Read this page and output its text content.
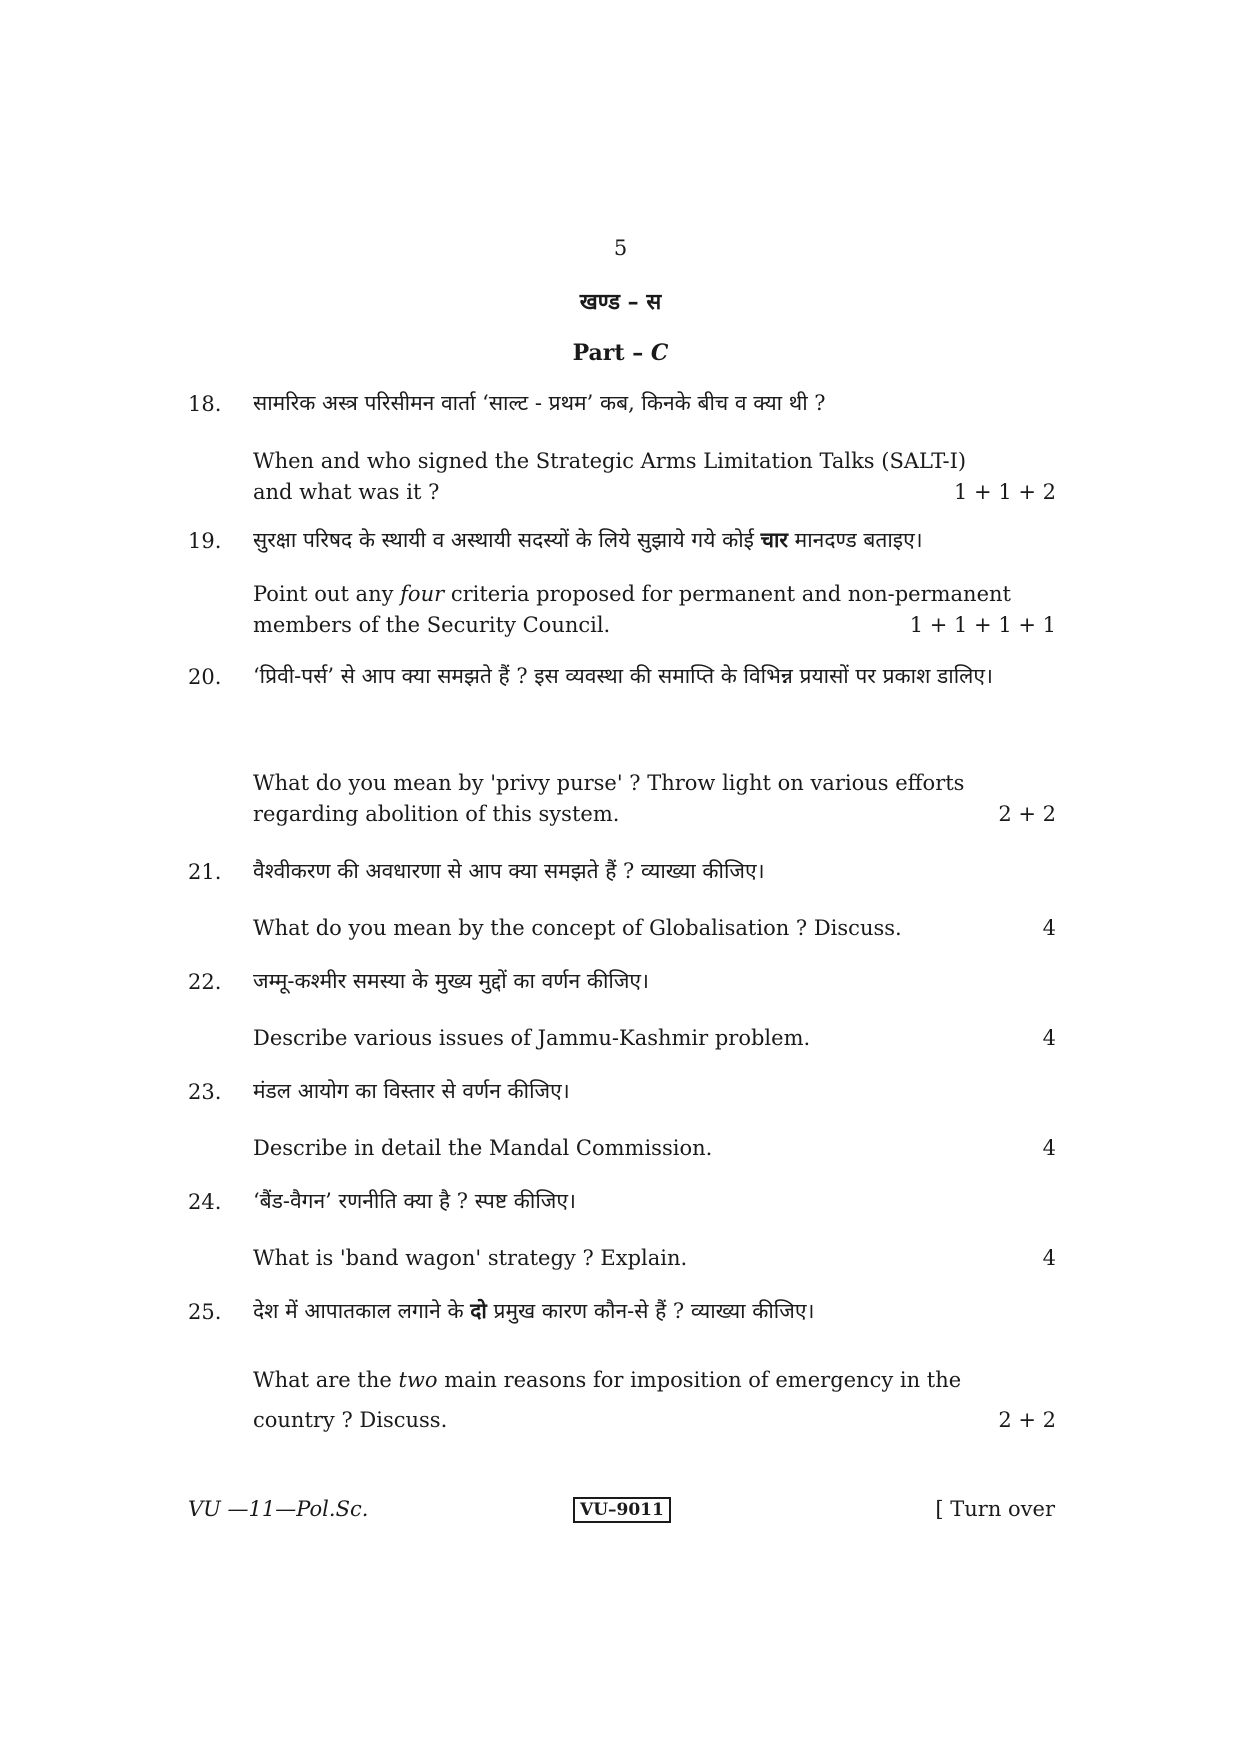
5
खण्ड – स
Part – C
18. सामरिक अस्त्र परिसीमन वार्ता ‘साल्ट - प्रथम’ कब, किनके बीच व क्या थी ?
When and who signed the Strategic Arms Limitation Talks (SALT-I)
and what was it ?	1 + 1 + 2
19. सुरक्षा परिषद के स्थायी व अस्थायी सदस्यों के लिये सुझाये गये कोई चार मानदण्ड बताइए।
Point out any four criteria proposed for permanent and non-permanent
members of the Security Council.	1 + 1 + 1 + 1
20. ‘प्रिवी-पर्स’ से आप क्या समझते हैं ? इस व्यवस्था की समाप्ति के विभिन्न प्रयासों पर प्रकाश डालिए।
What do you mean by 'privy purse' ? Throw light on various efforts
regarding abolition of this system.	2 + 2
21. वैश्वीकरण की अवधारणा से आप क्या समझते हैं ? व्याख्या कीजिए।
What do you mean by the concept of Globalisation ? Discuss.	4
22. जम्मू-कश्मीर समस्या के मुख्य मुद्दों का वर्णन कीजिए।
Describe various issues of Jammu-Kashmir problem.	4
23. मंडल आयोग का विस्तार से वर्णन कीजिए।
Describe in detail the Mandal Commission.	4
24. ‘बैंड-वैगन’ रणनीति क्या है ? स्पष्ट कीजिए।
What is 'band wagon' strategy ? Explain.	4
25. देश में आपातकाल लगाने के दो प्रमुख कारण कौन-से हैं ? व्याख्या कीजिए।
What are the two main reasons for imposition of emergency in the
country ? Discuss.	2 + 2
VU —11—Pol.Sc.	VU–9011	[ Turn over
